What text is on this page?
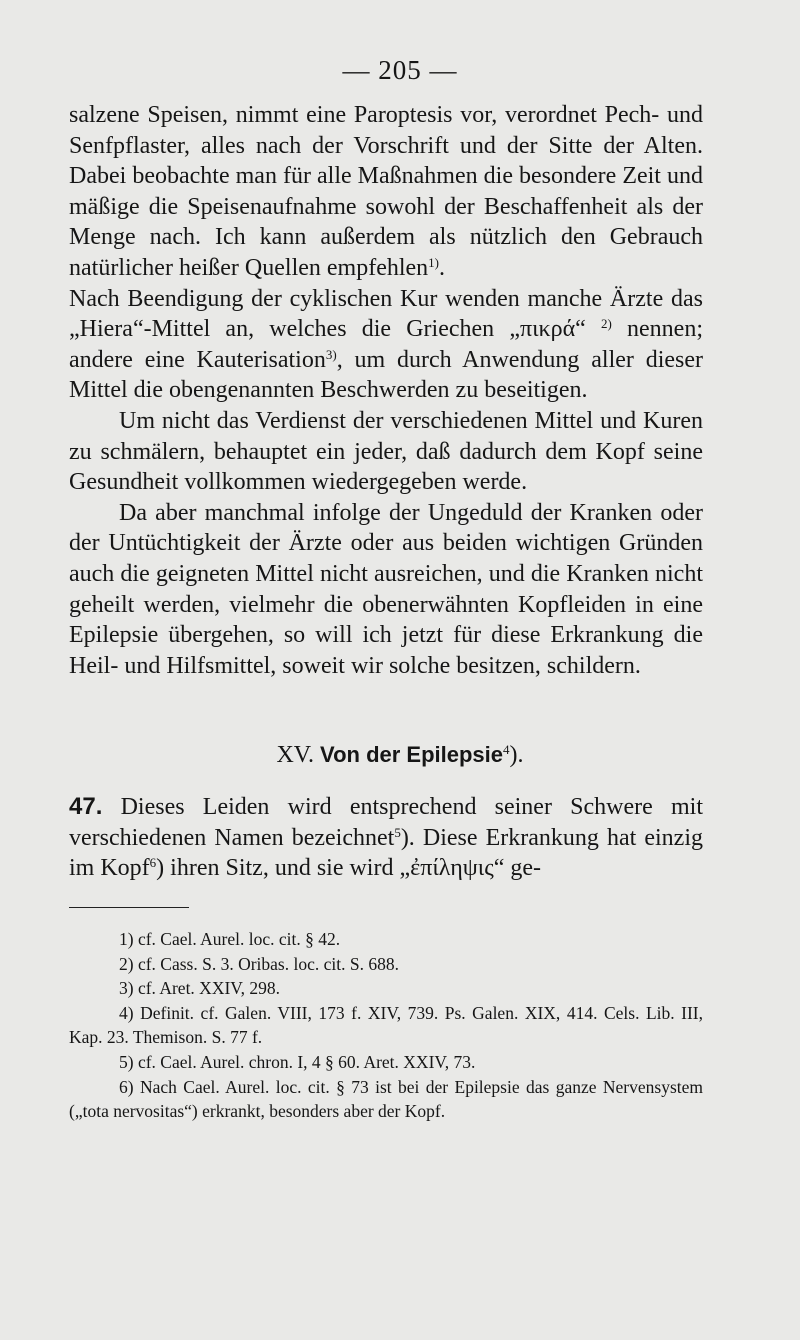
— 205 —

salzene Speisen, nimmt eine Paroptesis vor, verordnet Pech- und Senfpflaster, alles nach der Vorschrift und der Sitte der Alten. Dabei beobachte man für alle Maßnahmen die besondere Zeit und mäßige die Speisenaufnahme sowohl der Beschaffenheit als der Menge nach. Ich kann außerdem als nützlich den Gebrauch natürlicher heißer Quellen empfehlen$^{1)}$.

Nach Beendigung der cyklischen Kur wenden manche Ärzte das „Hiera“-Mittel an, welches die Griechen „πικρά“ $^{2)}$ nennen; andere eine Kauterisation$^{3)}$, um durch Anwendung aller dieser Mittel die obengenannten Beschwerden zu beseitigen.

Um nicht das Verdienst der verschiedenen Mittel und Kuren zu schmälern, behauptet ein jeder, daß dadurch dem Kopf seine Gesundheit vollkommen wiedergegeben werde.

Da aber manchmal infolge der Ungeduld der Kranken oder der Untüchtigkeit der Ärzte oder aus beiden wichtigen Gründen auch die geigneten Mittel nicht ausreichen, und die Kranken nicht geheilt werden, vielmehr die obenerwähnten Kopfleiden in eine Epilepsie übergehen, so will ich jetzt für diese Erkrankung die Heil- und Hilfsmittel, soweit wir solche besitzen, schildern.

XV. Von der Epilepsie$^4$).
47. Dieses Leiden wird entsprechend seiner Schwere mit verschiedenen Namen bezeichnet$^5$). Diese Erkrankung hat einzig im Kopf$^6$) ihren Sitz, und sie wird „ἐπίληψις“ ge-

1) cf. Cael. Aurel. loc. cit. § 42.

2) cf. Cass. S. 3. Oribas. loc. cit. S. 688.

3) cf. Aret. XXIV, 298.

4) Definit. cf. Galen. VIII, 173 f. XIV, 739. Ps. Galen. XIX, 414. Cels. Lib. III, Kap. 23. Themison. S. 77 f.

5) cf. Cael. Aurel. chron. I, 4 § 60. Aret. XXIV, 73.

6) Nach Cael. Aurel. loc. cit. § 73 ist bei der Epilepsie das ganze Nervensystem („tota nervositas“) erkrankt, besonders aber der Kopf.
